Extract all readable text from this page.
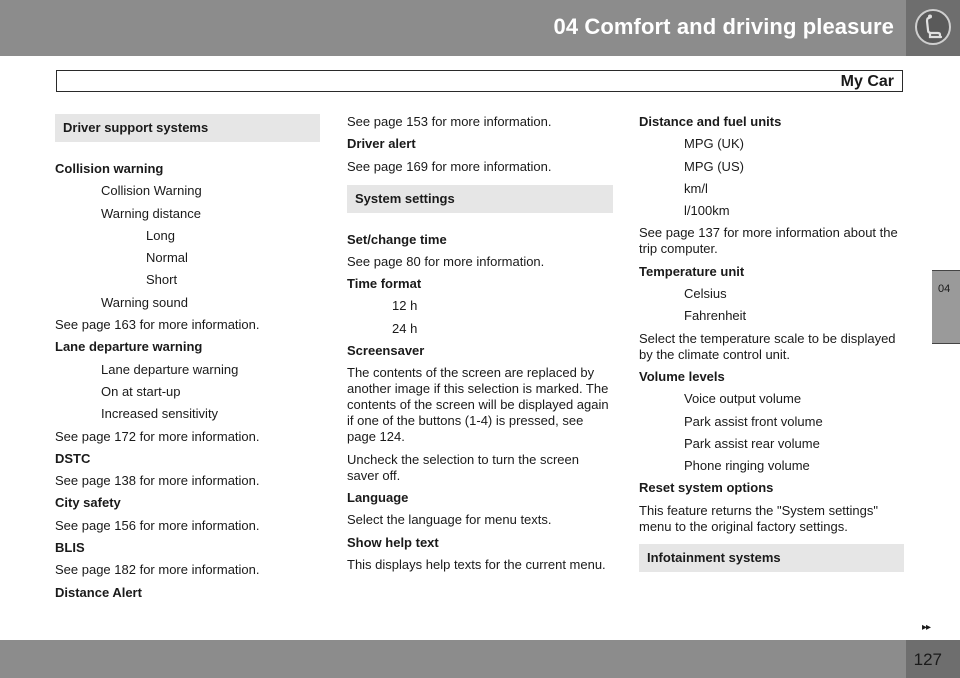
04 Comfort and driving pleasure
My Car
04
Driver support systems

Collision warning

Collision Warning

Warning distance

Long

Normal

Short

Warning sound

See page 163 for more information.

Lane departure warning

Lane departure warning

On at start-up

Increased sensitivity

See page 172 for more information.

DSTC

See page 138 for more information.

City safety

See page 156 for more information.

BLIS

See page 182 for more information.

Distance Alert

See page 153 for more information.

Driver alert

See page 169 for more information.

System settings

Set/change time

See page 80 for more information.

Time format

12 h

24 h

Screensaver

The contents of the screen are replaced by another image if this selection is marked. The contents of the screen will be displayed again if one of the buttons (1-4) is pressed, see page 124.

Uncheck the selection to turn the screen saver off.

Language

Select the language for menu texts.

Show help text

This displays help texts for the current menu.

Distance and fuel units

MPG (UK)

MPG (US)

km/l

l/100km

See page 137 for more information about the trip computer.

Temperature unit

Celsius

Fahrenheit

Select the temperature scale to be displayed by the climate control unit.

Volume levels

Voice output volume

Park assist front volume

Park assist rear volume

Phone ringing volume

Reset system options

This feature returns the "System settings" menu to the original factory settings.

Infotainment systems
▸▸
127
